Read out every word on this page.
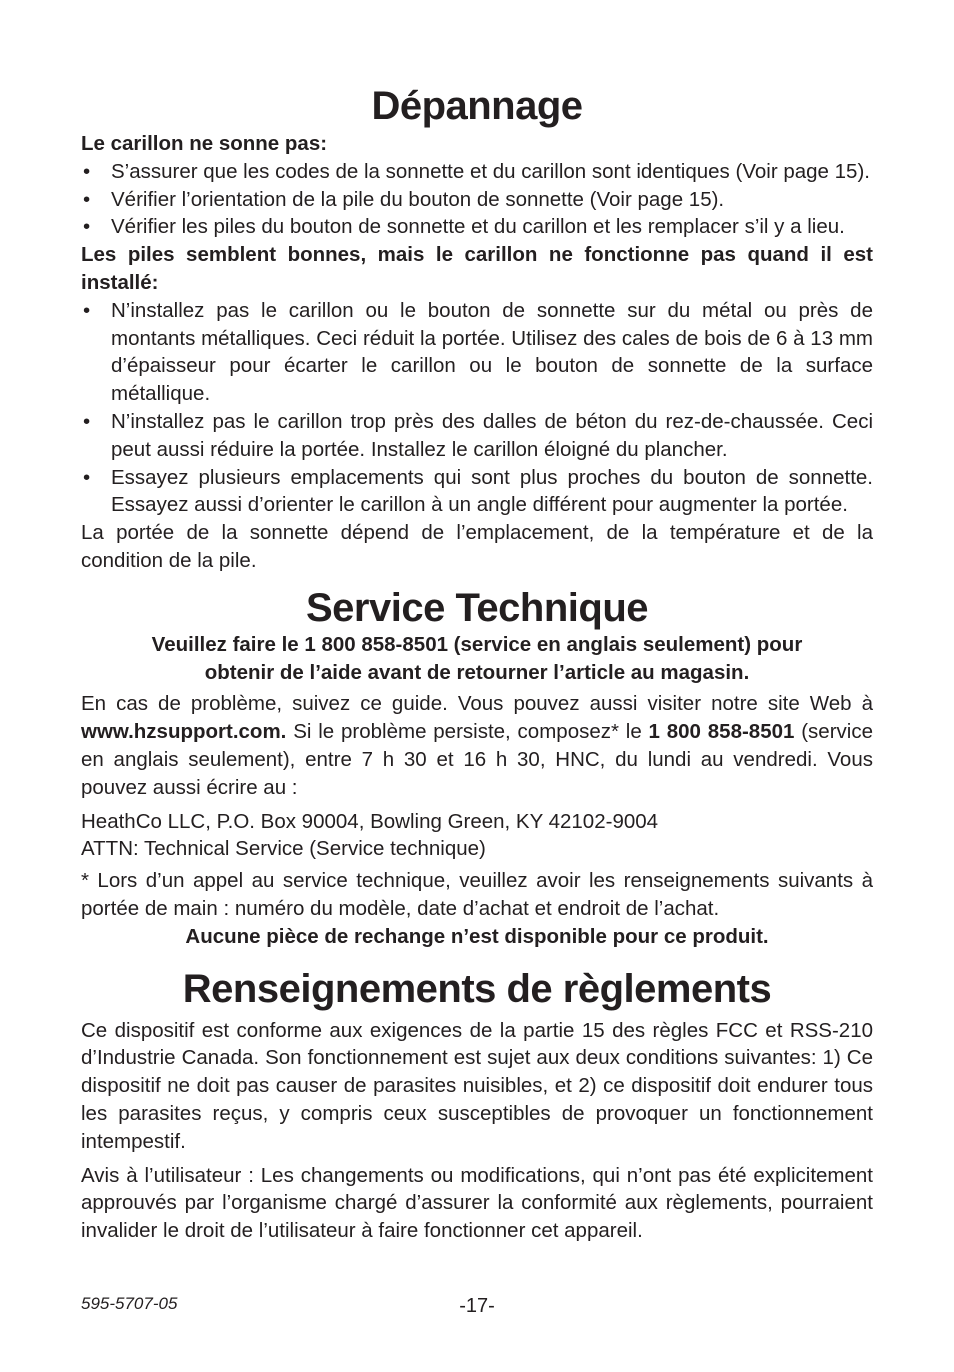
Dépannage

Le carillon ne sonne pas:

• S’assurer que les codes de la sonnette et du carillon sont identiques (Voir page 15).
• Vérifier l’orientation de la pile du bouton de sonnette (Voir page 15).
• Vérifier les piles du bouton de sonnette et du carillon et les remplacer s’il y a lieu.

Les piles semblent bonnes, mais le carillon ne fonctionne pas quand il est installé:

• N’installez pas le carillon ou le bouton de sonnette sur du métal ou près de montants métalliques. Ceci réduit la portée. Utilisez des cales de bois de 6 à 13 mm d’épaisseur pour écarter le carillon ou le bouton de sonnette de la surface métallique.
• N’installez pas le carillon trop près des dalles de béton du rez-de-chaussée. Ceci peut aussi réduire la portée. Installez le carillon éloigné du plancher.
• Essayez plusieurs emplacements qui sont plus proches du bouton de sonnette. Essayez aussi d’orienter le carillon à un angle différent pour augmenter la portée.

La portée de la sonnette dépend de l’emplacement, de la température et de la condition de la pile.

Service Technique

Veuillez faire le 1 800 858-8501 (service en anglais seulement) pour

obtenir de l’aide avant de retourner l’article au magasin.

En cas de problème, suivez ce guide. Vous pouvez aussi visiter notre site Web à www.hzsupport.com. Si le problème persiste, composez* le 1 800 858-8501 (service en anglais seulement), entre 7 h 30 et 16 h 30, HNC, du lundi au vendredi. Vous pouvez aussi écrire au :

HeathCo LLC, P.O. Box 90004, Bowling Green, KY 42102-9004

ATTN: Technical Service (Service technique)

* Lors d’un appel au service technique, veuillez avoir les renseignements suivants à portée de main : numéro du modèle, date d’achat et endroit de l’achat.

Aucune pièce de rechange n’est disponible pour ce produit.

Renseignements de règlements

Ce dispositif est conforme aux exigences de la partie 15 des règles FCC et RSS-210 d’Industrie Canada. Son fonctionnement est sujet aux deux conditions suivantes: 1) Ce dispositif ne doit pas causer de parasites nuisibles, et 2) ce dispositif doit endurer tous les parasites reçus, y compris ceux susceptibles de provoquer un fonctionnement intempestif.

Avis à l’utilisateur : Les changements ou modifications, qui n’ont pas été explicitement approuvés par l’organisme chargé d’assurer la conformité aux règlements, pourraient invalider le droit de l’utilisateur à faire fonctionner cet appareil.

595-5707-05	-17-
